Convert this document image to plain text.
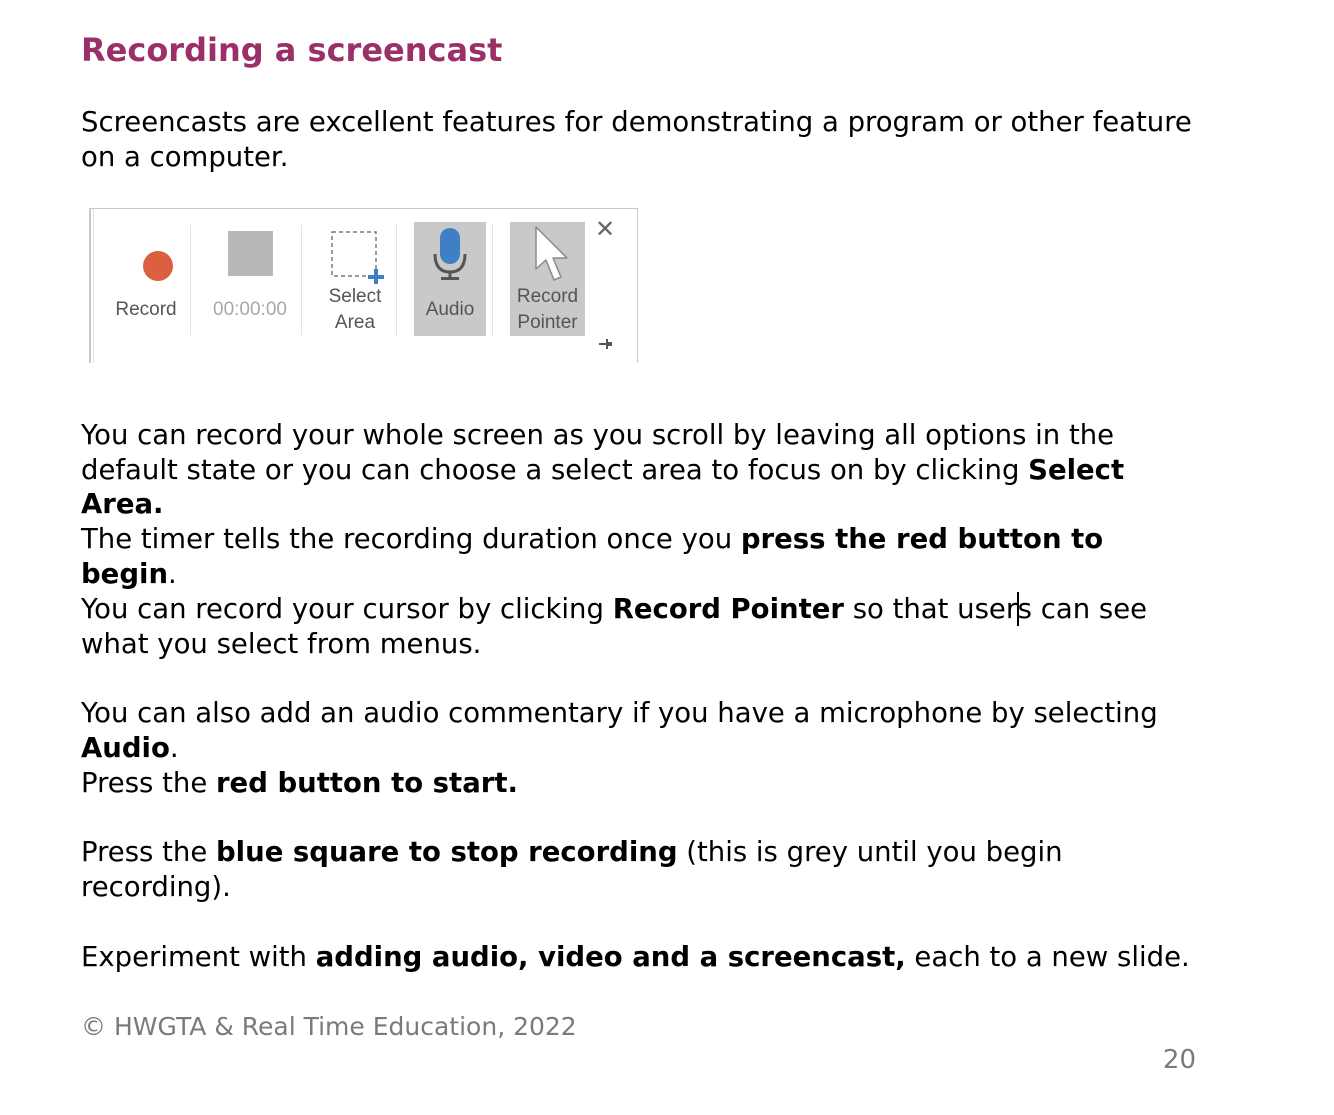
Recording a screencast

Screencasts are excellent features for demonstrating a program or other feature on a computer.

Record	00:00:00
Select
Area
Audio
Record
Pointer
✕

You can record your whole screen as you scroll by leaving all options in the default state or you can choose a select area to focus on by clicking Select Area.

The timer tells the recording duration once you press the red button to begin.

You can record your cursor by clicking Record Pointer so that users can see what you select from menus.

You can also add an audio commentary if you have a microphone by selecting Audio.

Press the red button to start.

Press the blue square to stop recording (this is grey until you begin recording).

Experiment with adding audio, video and a screencast, each to a new slide.

© HWGTA & Real Time Education, 2022

20
